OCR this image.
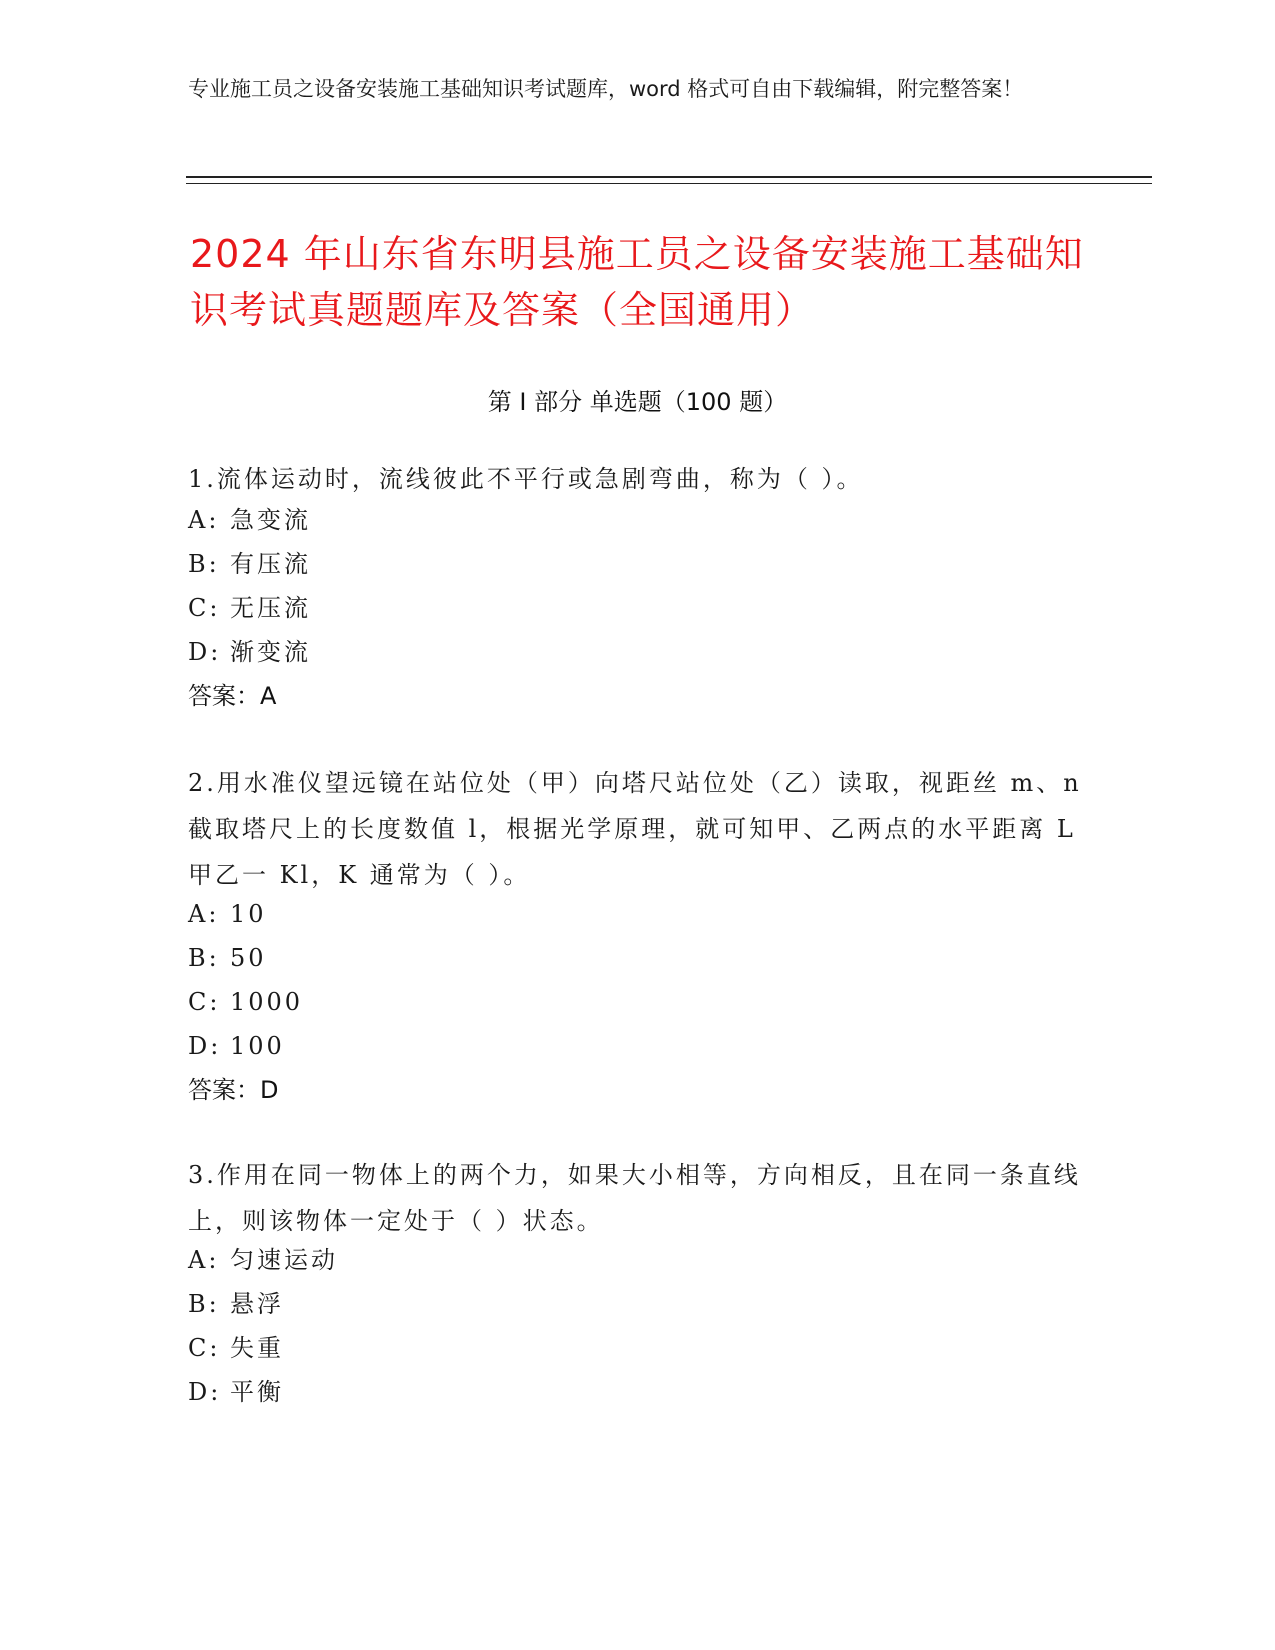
专业施工员之设备安装施工基础知识考试题库，word 格式可自由下载编辑，附完整答案！
2024 年山东省东明县施工员之设备安装施工基础知识考试真题题库及答案（全国通用）
第 I 部分 单选题（100 题）
1.流体运动时，流线彼此不平行或急剧弯曲，称为（ ）。
A: 急变流
B: 有压流
C: 无压流
D: 渐变流
答案：A
2.用水准仪望远镜在站位处（甲）向塔尺站位处（乙）读取，视距丝 m、n 截取塔尺上的长度数值 l，根据光学原理，就可知甲、乙两点的水平距离 L 甲乙一 Kl，K 通常为（ ）。
A: 10
B: 50
C: 1000
D: 100
答案：D
3.作用在同一物体上的两个力，如果大小相等，方向相反，且在同一条直线上，则该物体一定处于（ ）状态。
A: 匀速运动
B: 悬浮
C: 失重
D: 平衡
